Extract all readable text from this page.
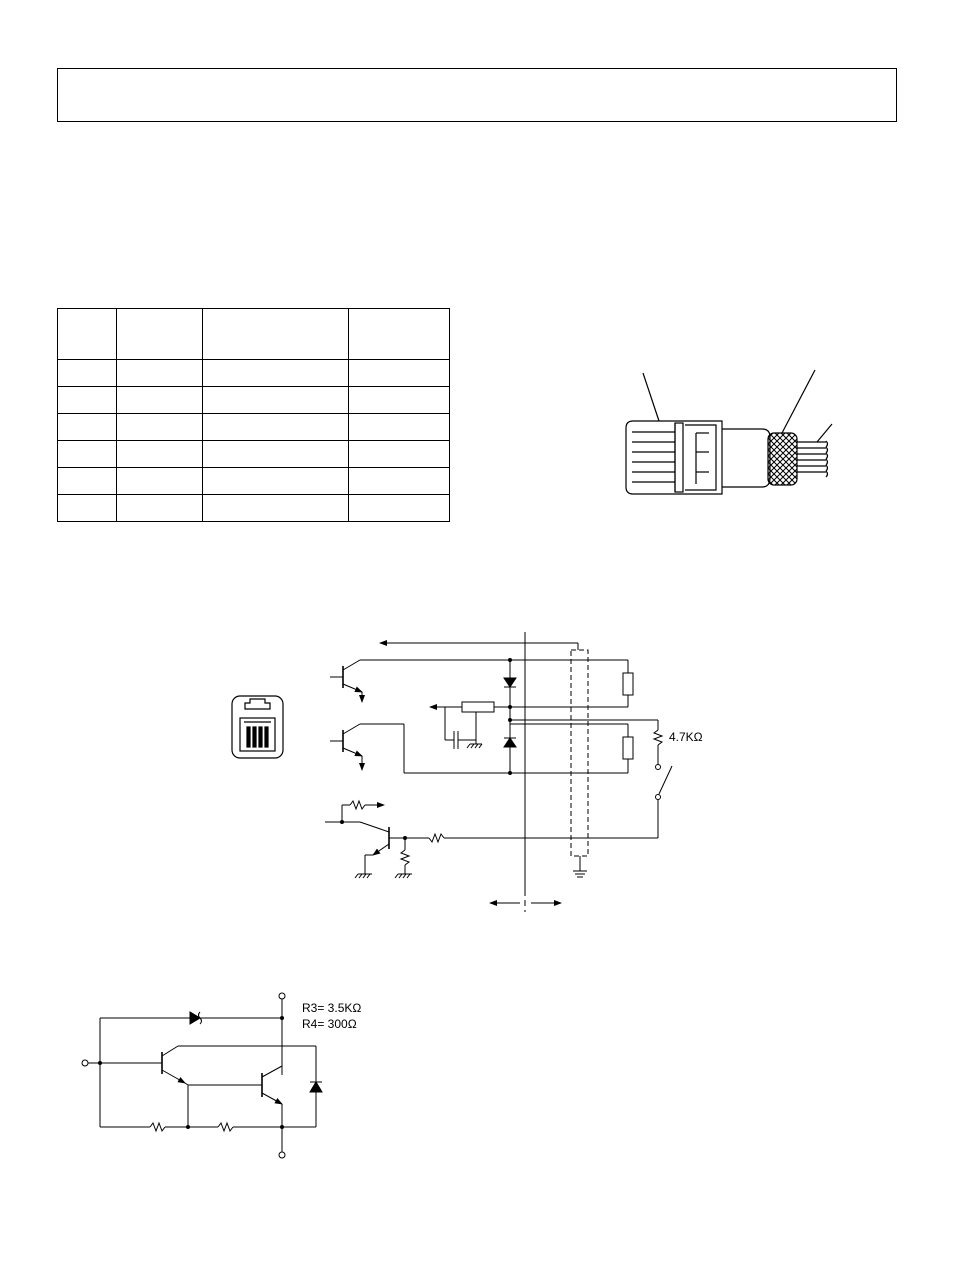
4.7KΩ
R3= 3.5KΩ
R4= 300Ω
